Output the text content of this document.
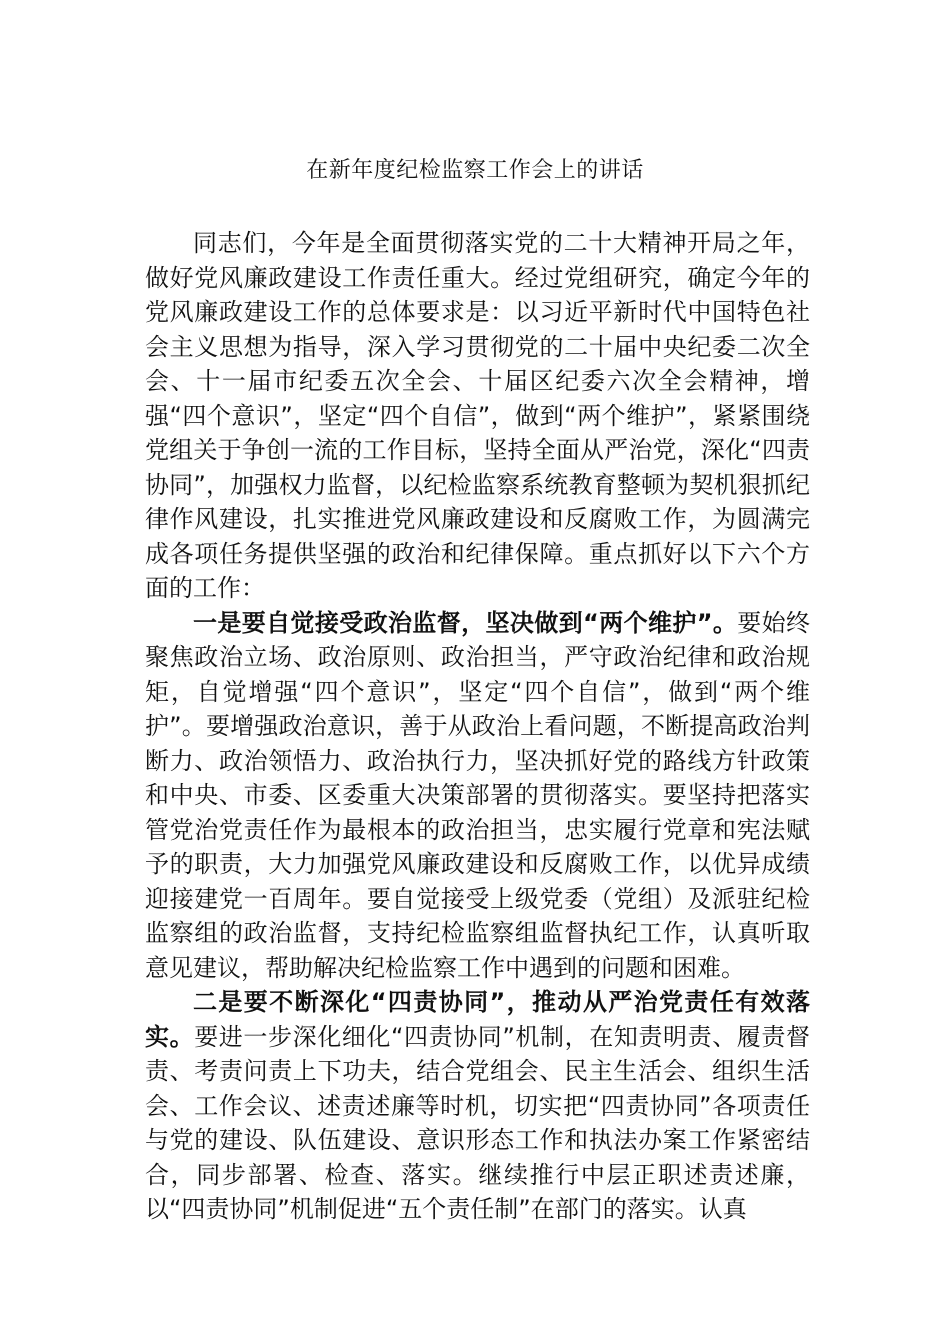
在新年度纪检监察工作会上的讲话

同志们，今年是全面贯彻落实党的二十大精神开局之年，做好党风廉政建设工作责任重大。经过党组研究，确定今年的党风廉政建设工作的总体要求是：以习近平新时代中国特色社会主义思想为指导，深入学习贯彻党的二十届中央纪委二次全会、十一届市纪委五次全会、十届区纪委六次全会精神，增强“四个意识”，坚定“四个自信”，做到“两个维护”，紧紧围绕党组关于争创一流的工作目标，坚持全面从严治党，深化“四责协同”，加强权力监督，以纪检监察系统教育整顿为契机狠抓纪律作风建设，扎实推进党风廉政建设和反腐败工作，为圆满完成各项任务提供坚强的政治和纪律保障。重点抓好以下六个方面的工作：

一是要自觉接受政治监督，坚决做到“两个维护”。要始终聚焦政治立场、政治原则、政治担当，严守政治纪律和政治规矩，自觉增强“四个意识”，坚定“四个自信”，做到“两个维护”。要增强政治意识，善于从政治上看问题，不断提高政治判断力、政治领悟力、政治执行力，坚决抓好党的路线方针政策和中央、市委、区委重大决策部署的贯彻落实。要坚持把落实管党治党责任作为最根本的政治担当，忠实履行党章和宪法赋予的职责，大力加强党风廉政建设和反腐败工作，以优异成绩迎接建党一百周年。要自觉接受上级党委（党组）及派驻纪检监察组的政治监督，支持纪检监察组监督执纪工作，认真听取意见建议，帮助解决纪检监察工作中遇到的问题和困难。

二是要不断深化“四责协同”，推动从严治党责任有效落实。要进一步深化细化“四责协同”机制，在知责明责、履责督责、考责问责上下功夫，结合党组会、民主生活会、组织生活会、工作会议、述责述廉等时机，切实把“四责协同”各项责任与党的建设、队伍建设、意识形态工作和执法办案工作紧密结合，同步部署、检查、落实。继续推行中层正职述责述廉，以“四责协同”机制促进“五个责任制”在部门的落实。认真
